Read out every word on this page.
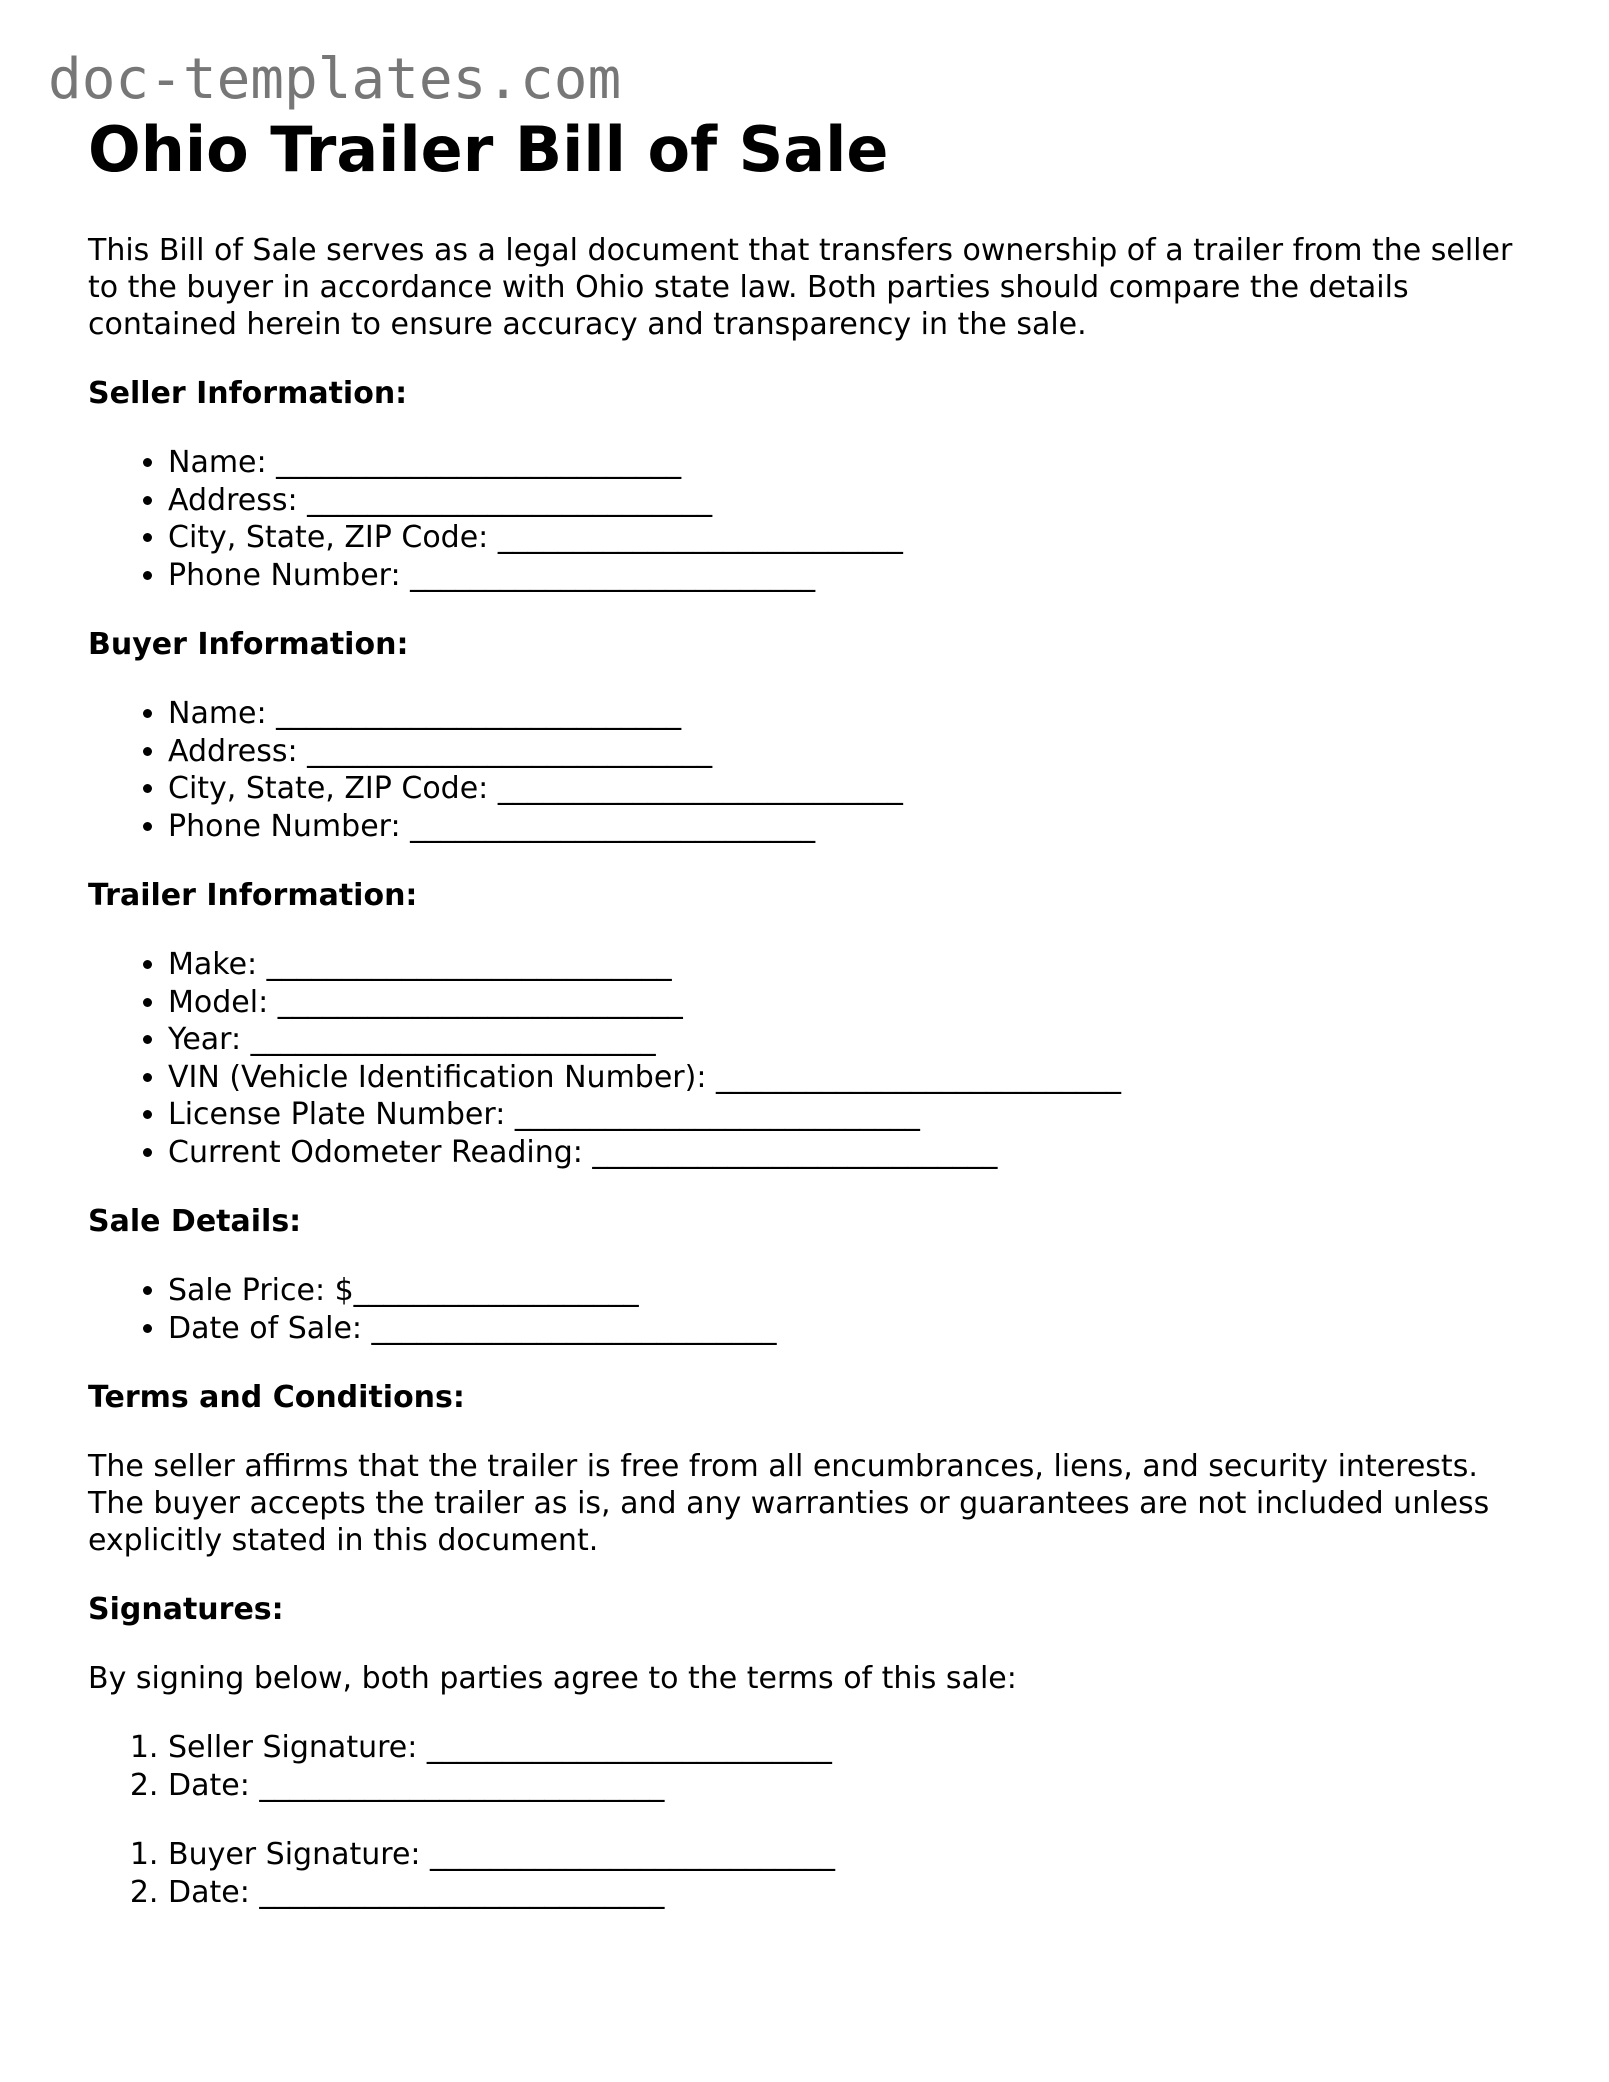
doc-templates.com
Ohio Trailer Bill of Sale

This Bill of Sale serves as a legal document that transfers ownership of a trailer from the seller to the buyer in accordance with Ohio state law. Both parties should compare the details contained herein to ensure accuracy and transparency in the sale.

Seller Information:
• Name: ___________________________
• Address: ___________________________
• City, State, ZIP Code: ___________________________
• Phone Number: ___________________________
Buyer Information:
• Name: ___________________________
• Address: ___________________________
• City, State, ZIP Code: ___________________________
• Phone Number: ___________________________
Trailer Information:
• Make: ___________________________
• Model: ___________________________
• Year: ___________________________
• VIN (Vehicle Identification Number): ___________________________
• License Plate Number: ___________________________
• Current Odometer Reading: ___________________________
Sale Details:
• Sale Price: $___________________
• Date of Sale: ___________________________
Terms and Conditions:

The seller affirms that the trailer is free from all encumbrances, liens, and security interests. The buyer accepts the trailer as is, and any warranties or guarantees are not included unless explicitly stated in this document.

Signatures:

By signing below, both parties agree to the terms of this sale:

1. Seller Signature: ___________________________
2. Date: ___________________________
1. Buyer Signature: ___________________________
2. Date: ___________________________
